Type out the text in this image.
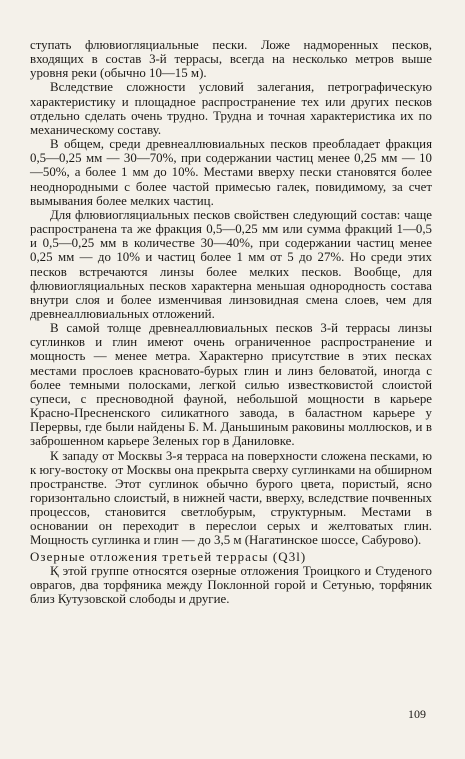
ступать флювиогляциальные пески. Ложе надморенных песков, входящих в состав 3-й террасы, всегда на несколько метров выше уровня реки (обычно 10—15 м).

Вследствие сложности условий залегания, петрографическую характеристику и площадное распространение тех или других песков отдельно сделать очень трудно. Трудна и точная характеристика их по механическому составу.

В общем, среди древнеаллювиальных песков преобладает фракция 0,5—0,25 мм — 30—70%, при содержании частиц менее 0,25 мм — 10—50%, а более 1 мм до 10%. Местами вверху пески становятся более неоднородными с более частой примесью галек, повидимому, за счет вымывания более мелких частиц.

Для флювиогляциальных песков свойствен следующий состав: чаще распространена та же фракция 0,5—0,25 мм или сумма фракций 1—0,5 и 0,5—0,25 мм в количестве 30—40%, при содержании частиц менее 0,25 мм — до 10% и частиц более 1 мм от 5 до 27%. Но среди этих песков встречаются линзы более мелких песков. Вообще, для флювиогляциальных песков характерна меньшая однородность состава внутри слоя и более изменчивая линзовидная смена слоев, чем для древнеаллювиальных отложений.

В самой толще древнеаллювиальных песков 3-й террасы линзы суглинков и глин имеют очень ограниченное распространение и мощность — менее метра. Характерно присутствие в этих песках местами прослоев красновато-бурых глин и линз беловатой, иногда с более темными полосками, легкой силью известковистой слоистой супеси, с пресноводной фауной, небольшой мощности в карьере Красно-Пресненского силикатного завода, в баластном карьере у Перервы, где были найдены Б. М. Даньшиным раковины моллюсков, и в заброшенном карьере Зеленых гор в Даниловке.

К западу от Москвы 3-я терраса на поверхности сложена песками, ю к югу-востоку от Москвы она прекрыта сверху суглинками на обширном пространстве. Этот суглинок обычно бурого цвета, пористый, ясно горизонтально слоистый, в нижней части, вверху, вследствие почвенных процессов, становится светлобурым, структурным. Местами в основании он переходит в переслои серых и желтоватых глин. Мощность суглинка и глин — до 3,5 м (Нагатинское шоссе, Сабурово).

Озерные отложения третьей террасы (Q3l)

Қ этой группе относятся озерные отложения Троицкого и Студеного оврагов, два торфяника между Поклонной горой и Сетунью, торфяник близ Кутузовской слободы и другие.

109
